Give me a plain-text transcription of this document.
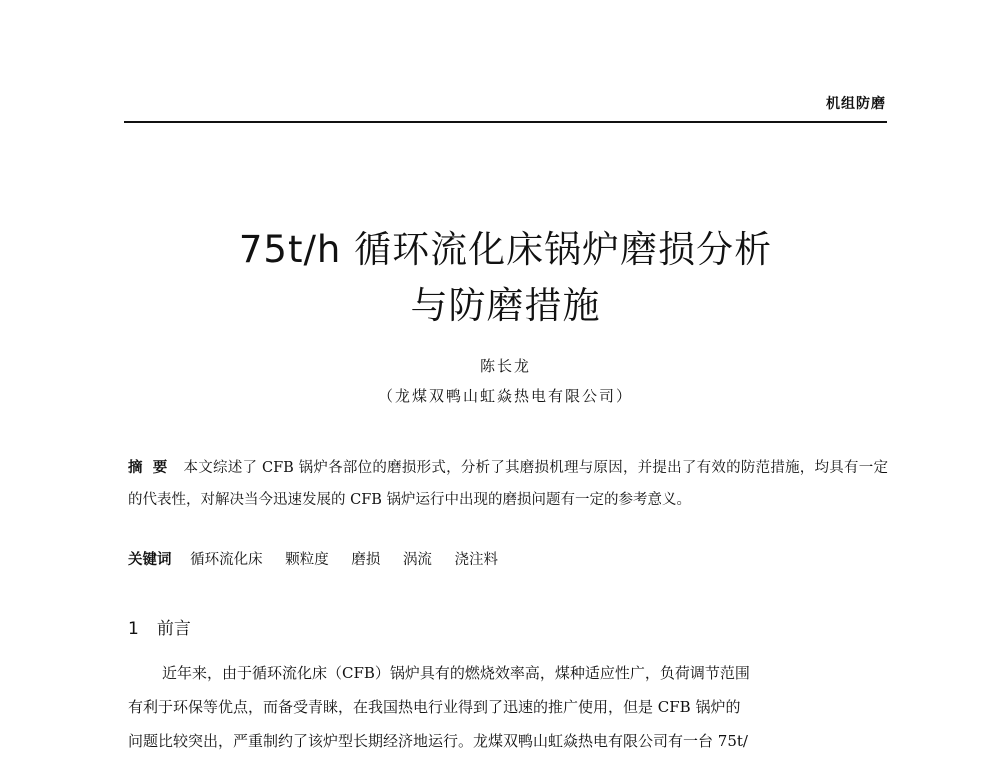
机组防磨
75t/h 循环流化床锅炉磨损分析
与防磨措施
陈长龙
（龙煤双鸭山虹焱热电有限公司）
摘要 本文综述了 CFB 锅炉各部位的磨损形式，分析了其磨损机理与原因，并提出了有效的防范措施，均具有一定的代表性，对解决当今迅速发展的 CFB 锅炉运行中出现的磨损问题有一定的参考意义。
关键词 循环流化床 颗粒度 磨损 涡流 浇注料
1 前言
近年来，由于循环流化床（CFB）锅炉具有的燃烧效率高，煤种适应性广，负荷调节范围
有利于环保等优点，而备受青睐，在我国热电行业得到了迅速的推广使用，但是 CFB 锅炉的
问题比较突出，严重制约了该炉型长期经济地运行。龙煤双鸭山虹焱热电有限公司有一台 75t/
